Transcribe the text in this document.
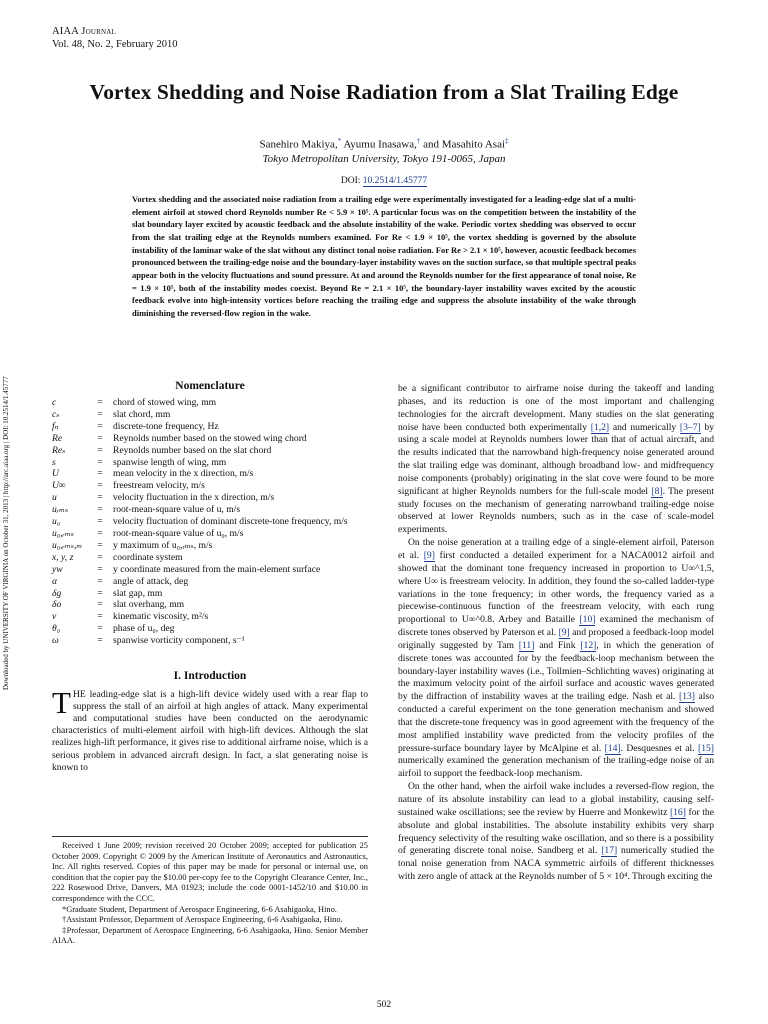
AIAA Journal
Vol. 48, No. 2, February 2010
Vortex Shedding and Noise Radiation from a Slat Trailing Edge
Sanehiro Makiya,* Ayumu Inasawa,† and Masahito Asai‡
Tokyo Metropolitan University, Tokyo 191-0065, Japan
DOI: 10.2514/1.45777
Vortex shedding and the associated noise radiation from a trailing edge were experimentally investigated for a leading-edge slat of a multi-element airfoil at stowed chord Reynolds number Re < 5.9 × 10⁵. A particular focus was on the competition between the instability of the slat boundary layer excited by acoustic feedback and the absolute instability of the wake. Periodic vortex shedding was observed to occur from the slat trailing edge at the Reynolds numbers examined. For Re < 1.9 × 10⁵, the vortex shedding is governed by the absolute instability of the laminar wake of the slat without any distinct tonal noise radiation. For Re > 2.1 × 10⁵, however, acoustic feedback becomes pronounced between the trailing-edge noise and the boundary-layer instability waves on the suction surface, so that multiple spectral peaks appear both in the velocity fluctuations and sound pressure. At and around the Reynolds number for the first appearance of tonal noise, Re = 1.9 × 10⁵, both of the instability modes coexist. Beyond Re = 2.1 × 10⁵, the boundary-layer instability waves excited by the acoustic feedback evolve into high-intensity vortices before reaching the trailing edge and suppress the absolute instability of the wake through diminishing the reversed-flow region in the wake.
Downloaded by UNIVERSITY OF VIRGINIA on October 31, 2013 | http://arc.aiaa.org | DOI: 10.2514/1.45777	Nomenclature
c	=	chord of stowed wing, mm
cₛ	=	slat chord, mm
fₙ	=	discrete-tone frequency, Hz
Re	=	Reynolds number based on the stowed wing chord
Reₛ	=	Reynolds number based on the slat chord
s	=	spanwise length of wing, mm
U	=	mean velocity in the x direction, m/s
U∞	=	freestream velocity, m/s
u	=	velocity fluctuation in the x direction, m/s
uᵣₘₛ	=	root-mean-square value of u, m/s
u₀	=	velocity fluctuation of dominant discrete-tone frequency, m/s
u₀,ᵣₘₛ	=	root-mean-square value of u₀, m/s
u₀,ᵣₘₛ,ₘ	=	y maximum of u₀,ᵣₘₛ, m/s
x, y, z	=	coordinate system
yw	=	y coordinate measured from the main-element surface
α	=	angle of attack, deg
δg	=	slat gap, mm
δo	=	slat overhang, mm
ν	=	kinematic viscosity, m²/s
θ₀	=	phase of u₀, deg
ω	=	spanwise vorticity component, s⁻¹
I. Introduction
THE leading-edge slat is a high-lift device widely used with a rear flap to suppress the stall of an airfoil at high angles of attack. Many experimental and computational studies have been conducted on the aerodynamic characteristics of multi-element airfoil with high-lift devices. Although the slat realizes high-lift performance, it gives rise to additional airframe noise, which is a serious problem in advanced aircraft design. In fact, a slat generating noise is known to

Received 1 June 2009; revision received 20 October 2009; accepted for publication 25 October 2009. Copyright © 2009 by the American Institute of Aeronautics and Astronautics, Inc. All rights reserved. Copies of this paper may be made for personal or internal use, on condition that the copier pay the $10.00 per-copy fee to the Copyright Clearance Center, Inc., 222 Rosewood Drive, Danvers, MA 01923; include the code 0001-1452/10 and $10.00 in correspondence with the CCC.

*Graduate Student, Department of Aerospace Engineering, 6-6 Asahigaoka, Hino.

†Assistant Professor, Department of Aerospace Engineering, 6-6 Asahigaoka, Hino.

‡Professor, Department of Aerospace Engineering, 6-6 Asahigaoka, Hino. Senior Member AIAA.

be a significant contributor to airframe noise during the takeoff and landing phases, and its reduction is one of the most important and challenging technologies for the aircraft development. Many studies on the slat generating noise have been conducted both experimentally [1,2] and numerically [3–7] by using a scale model at Reynolds numbers lower than that of actual aircraft, and the results indicated that the narrowband high-frequency noise generated around the slat trailing edge was dominant, although broadband low- and midfrequency noise components (probably) originating in the slat cove were found to be more significant at higher Reynolds numbers for the full-scale model [8]. The present study focuses on the mechanism of generating narrowband trailing-edge noise observed at lower Reynolds numbers, such as in the case of scale-model experiments.

On the noise generation at a trailing edge of a single-element airfoil, Paterson et al. [9] first conducted a detailed experiment for a NACA0012 airfoil and showed that the dominant tone frequency increased in proportion to U∞^1.5, where U∞ is freestream velocity. In addition, they found the so-called ladder-type variations in the tone frequency; in other words, the frequency varied as a piecewise-continuous function of the freestream velocity, with each rung proportional to U∞^0.8. Arbey and Bataille [10] examined the mechanism of discrete tones observed by Paterson et al. [9] and proposed a feedback-loop model originally suggested by Tam [11] and Fink [12], in which the generation of discrete tones was accounted for by the feedback-loop mechanism between the boundary-layer instability waves (i.e., Tollmien–Schlichting waves) originating at the maximum velocity point of the airfoil surface and acoustic waves generated by the diffraction of instability waves at the trailing edge. Nash et al. [13] also conducted a careful experiment on the tone generation mechanism and showed that the discrete-tone frequency was in good agreement with the frequency of the most amplified instability wave predicted from the velocity profiles of the pressure-surface boundary layer by McAlpine et al. [14]. Desquesnes et al. [15] numerically examined the generation mechanism of the trailing-edge noise of an airfoil to support the feedback-loop mechanism.

On the other hand, when the airfoil wake includes a reversed-flow region, the nature of its absolute instability can lead to a global instability, causing self-sustained wake oscillations; see the review by Huerre and Monkewitz [16] for the absolute and global instabilities. The absolute instability exhibits very sharp frequency selectivity of the resulting wake oscillation, and so there is a possibility of generating discrete tonal noise. Sandberg et al. [17] numerically studied the tonal noise generation from NACA symmetric airfoils of different thicknesses with zero angle of attack at the Reynolds number of 5 × 10⁴. Through exciting the

502
